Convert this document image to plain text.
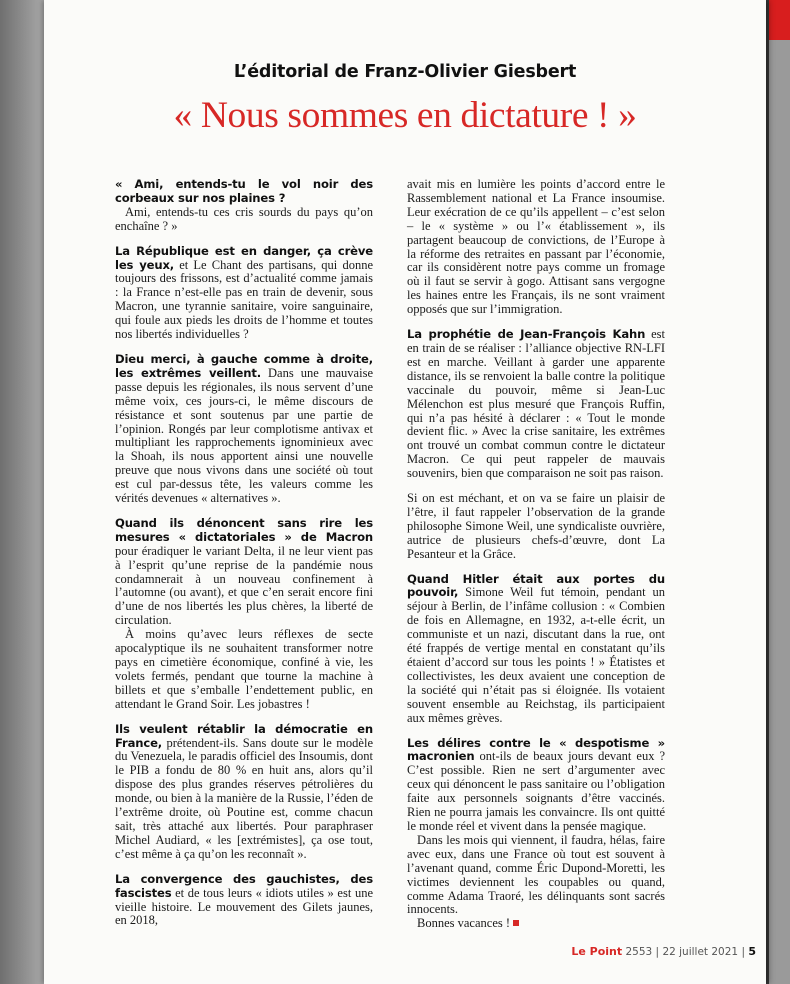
L’éditorial de Franz-Olivier Giesbert
« Nous sommes en dictature ! »

« Ami, entends-tu le vol noir des corbeaux sur nos plaines ?

Ami, entends-tu ces cris sourds du pays qu’on enchaîne ? »

La République est en danger, ça crève les yeux, et Le Chant des partisans, qui donne toujours des frissons, est d’actualité comme jamais : la France n’est-elle pas en train de devenir, sous Macron, une tyrannie sanitaire, voire sanguinaire, qui foule aux pieds les droits de l’homme et toutes nos libertés individuelles ?

Dieu merci, à gauche comme à droite, les extrêmes veillent. Dans une mauvaise passe depuis les régionales, ils nous servent d’une même voix, ces jours-ci, le même discours de résistance et sont soutenus par une partie de l’opinion. Rongés par leur complotisme antivax et multipliant les rapprochements ignominieux avec la Shoah, ils nous apportent ainsi une nouvelle preuve que nous vivons dans une société où tout est cul par-dessus tête, les valeurs comme les vérités devenues « alternatives ».

Quand ils dénoncent sans rire les mesures « dictatoriales » de Macron pour éradiquer le variant Delta, il ne leur vient pas à l’esprit qu’une reprise de la pandémie nous condamnerait à un nouveau confinement à l’automne (ou avant), et que c’en serait encore fini d’une de nos libertés les plus chères, la liberté de circulation.

À moins qu’avec leurs réflexes de secte apocalyptique ils ne souhaitent transformer notre pays en cimetière économique, confiné à vie, les volets fermés, pendant que tourne la machine à billets et que s’emballe l’endettement public, en attendant le Grand Soir. Les jobastres !

Ils veulent rétablir la démocratie en France, prétendent-ils. Sans doute sur le modèle du Venezuela, le paradis officiel des Insoumis, dont le PIB a fondu de 80 % en huit ans, alors qu’il dispose des plus grandes réserves pétrolières du monde, ou bien à la manière de la Russie, l’éden de l’extrême droite, où Poutine est, comme chacun sait, très attaché aux libertés. Pour paraphraser Michel Audiard, « les [extrémistes], ça ose tout, c’est même à ça qu’on les reconnaît ».

La convergence des gauchistes, des fascistes et de tous leurs « idiots utiles » est une vieille histoire. Le mouvement des Gilets jaunes, en 2018,

avait mis en lumière les points d’accord entre le Rassemblement national et La France insoumise. Leur exécration de ce qu’ils appellent – c’est selon – le « système » ou l’« établissement », ils partagent beaucoup de convictions, de l’Europe à la réforme des retraites en passant par l’économie, car ils considèrent notre pays comme un fromage où il faut se servir à gogo. Attisant sans vergogne les haines entre les Français, ils ne sont vraiment opposés que sur l’immigration.

La prophétie de Jean-François Kahn est en train de se réaliser : l’alliance objective RN-LFI est en marche. Veillant à garder une apparente distance, ils se renvoient la balle contre la politique vaccinale du pouvoir, même si Jean-Luc Mélenchon est plus mesuré que François Ruffin, qui n’a pas hésité à déclarer : « Tout le monde devient flic. » Avec la crise sanitaire, les extrêmes ont trouvé un combat commun contre le dictateur Macron. Ce qui peut rappeler de mauvais souvenirs, bien que comparaison ne soit pas raison.

Si on est méchant, et on va se faire un plaisir de l’être, il faut rappeler l’observation de la grande philosophe Simone Weil, une syndicaliste ouvrière, autrice de plusieurs chefs-d’œuvre, dont La Pesanteur et la Grâce.

Quand Hitler était aux portes du pouvoir, Simone Weil fut témoin, pendant un séjour à Berlin, de l’infâme collusion : « Combien de fois en Allemagne, en 1932, a-t-elle écrit, un communiste et un nazi, discutant dans la rue, ont été frappés de vertige mental en constatant qu’ils étaient d’accord sur tous les points ! » Étatistes et collectivistes, les deux avaient une conception de la société qui n’était pas si éloignée. Ils votaient souvent ensemble au Reichstag, ils participaient aux mêmes grèves.

Les délires contre le « despotisme » macronien ont-ils de beaux jours devant eux ? C’est possible. Rien ne sert d’argumenter avec ceux qui dénoncent le pass sanitaire ou l’obligation faite aux personnels soignants d’être vaccinés. Rien ne pourra jamais les convaincre. Ils ont quitté le monde réel et vivent dans la pensée magique.

Dans les mois qui viennent, il faudra, hélas, faire avec eux, dans une France où tout est souvent à l’avenant quand, comme Éric Dupond-Moretti, les victimes deviennent les coupables ou quand, comme Adama Traoré, les délinquants sont sacrés innocents.

Bonnes vacances !

Le Point 2553 | 22 juillet 2021 | 5
